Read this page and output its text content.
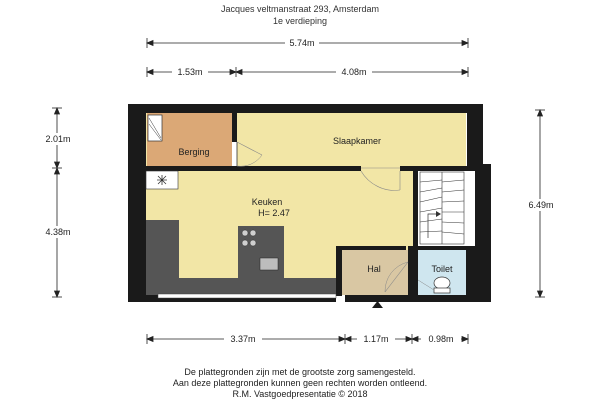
Jacques veltmanstraat 293, Amsterdam
1e verdieping
5.74m
1.53m	4.08m
2.01m
4.38m
6.49m
3.37m	1.17m	0.98m
Berging
Slaapkamer
Keuken
H= 2.47
Hal	Toilet
De plattegronden zijn met de grootste zorg samengesteld.
Aan deze plattegronden kunnen geen rechten worden ontleend.
R.M. Vastgoedpresentatie © 2018
